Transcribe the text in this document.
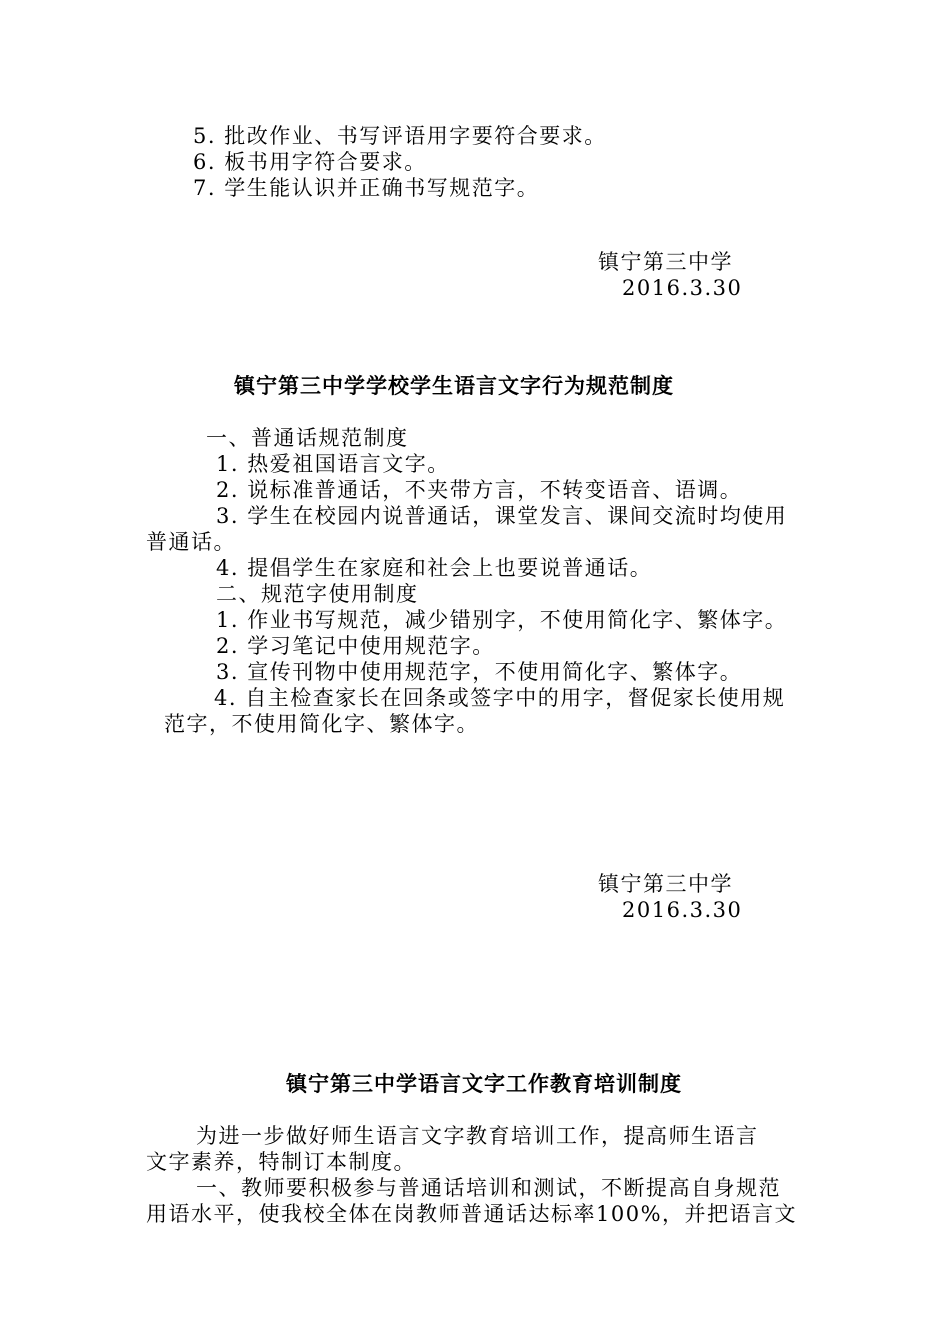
5. 批改作业、书写评语用字要符合要求。
6. 板书用字符合要求。
7. 学生能认识并正确书写规范字。
镇宁第三中学
2016.3.30
镇宁第三中学学校学生语言文字行为规范制度
一、普通话规范制度
1. 热爱祖国语言文字。
2. 说标准普通话，不夹带方言，不转变语音、语调。
3. 学生在校园内说普通话，课堂发言、课间交流时均使用
普通话。
4. 提倡学生在家庭和社会上也要说普通话。
二、规范字使用制度
1. 作业书写规范，减少错别字，不使用简化字、繁体字。
2. 学习笔记中使用规范字。
3. 宣传刊物中使用规范字，不使用简化字、繁体字。
4. 自主检查家长在回条或签字中的用字，督促家长使用规
范字，不使用简化字、繁体字。
镇宁第三中学
2016.3.30
镇宁第三中学语言文字工作教育培训制度
为进一步做好师生语言文字教育培训工作，提高师生语言
文字素养，特制订本制度。
一、教师要积极参与普通话培训和测试，不断提高自身规范
用语水平，使我校全体在岗教师普通话达标率100%，并把语言文
